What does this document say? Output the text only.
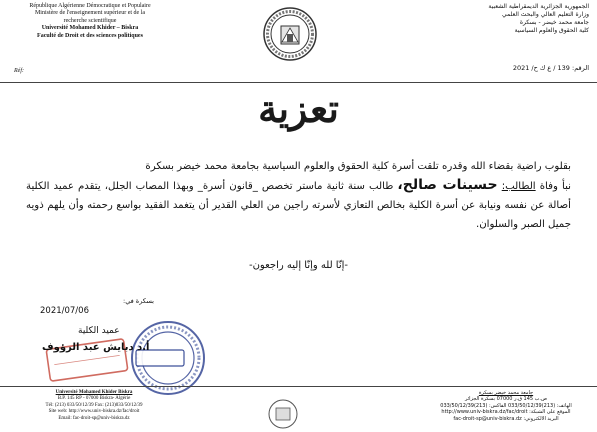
République Algérienne Démocratique et Populaire
Ministère de l'enseignement supérieur et de la
recherche scientifique
Université Mohamed Khider – Biskra
Faculté de Droit et des sciences politiques
Réf:
الجمهورية الجزائرية الديمقراطية الشعبية
وزارة التعليم العالي والبحث العلمي
جامعة محمد خيضر - بسكرة
كلية الحقوق والعلوم السياسية
الرقم: 139 / ع ك ح/ 2021
تعزية

بقلوب راضية بقضاء الله وقدره تلقت أسرة كلية الحقوق والعلوم السياسية بجامعة محمد خيضر بسكرة

نبأ وفاة الطالب: حسينات صالح، طالب سنة ثانية ماستر تخصص _قانون أسرة_ وبهذا المصاب الجلل، يتقدم عميد الكلية أصالة عن نفسه ونيابة عن أسرة الكلية بخالص التعازي لأسرته راجين من العلي القدير أن يتغمد الفقيد بواسع رحمته وأن يلهم ذويه جميل الصبر والسلوان.

-إنّا لله وإنّا إليه راجعون-
بسكرة في:
2021/07/06
عميد الكلية
أ.د دبايش عبد الرؤوف
Université Mohamed Khider Biskra
B.P. 145 RP - 07000 Biskra- Algérie
Tél: (213) 033/50/12/39 Fax: (213)033/50/12/39
Site web: http://www.univ-biskra.dz/fac/droit
Email: fac-droit-sp@univ-biskra.dz
جامعة محمد خيضر بسكرة
ص.ب 145 ق.ر 07000 بسكرة الجزائر
الهاتف: (213)033/50/12/39 الفاكس: (213)033/50/12/39
الموقع على الشبكة: http://www.univ-biskra.dz/fac/droit
البريد الالكتروني: fac-droit-sp@univ-biskra.dz
